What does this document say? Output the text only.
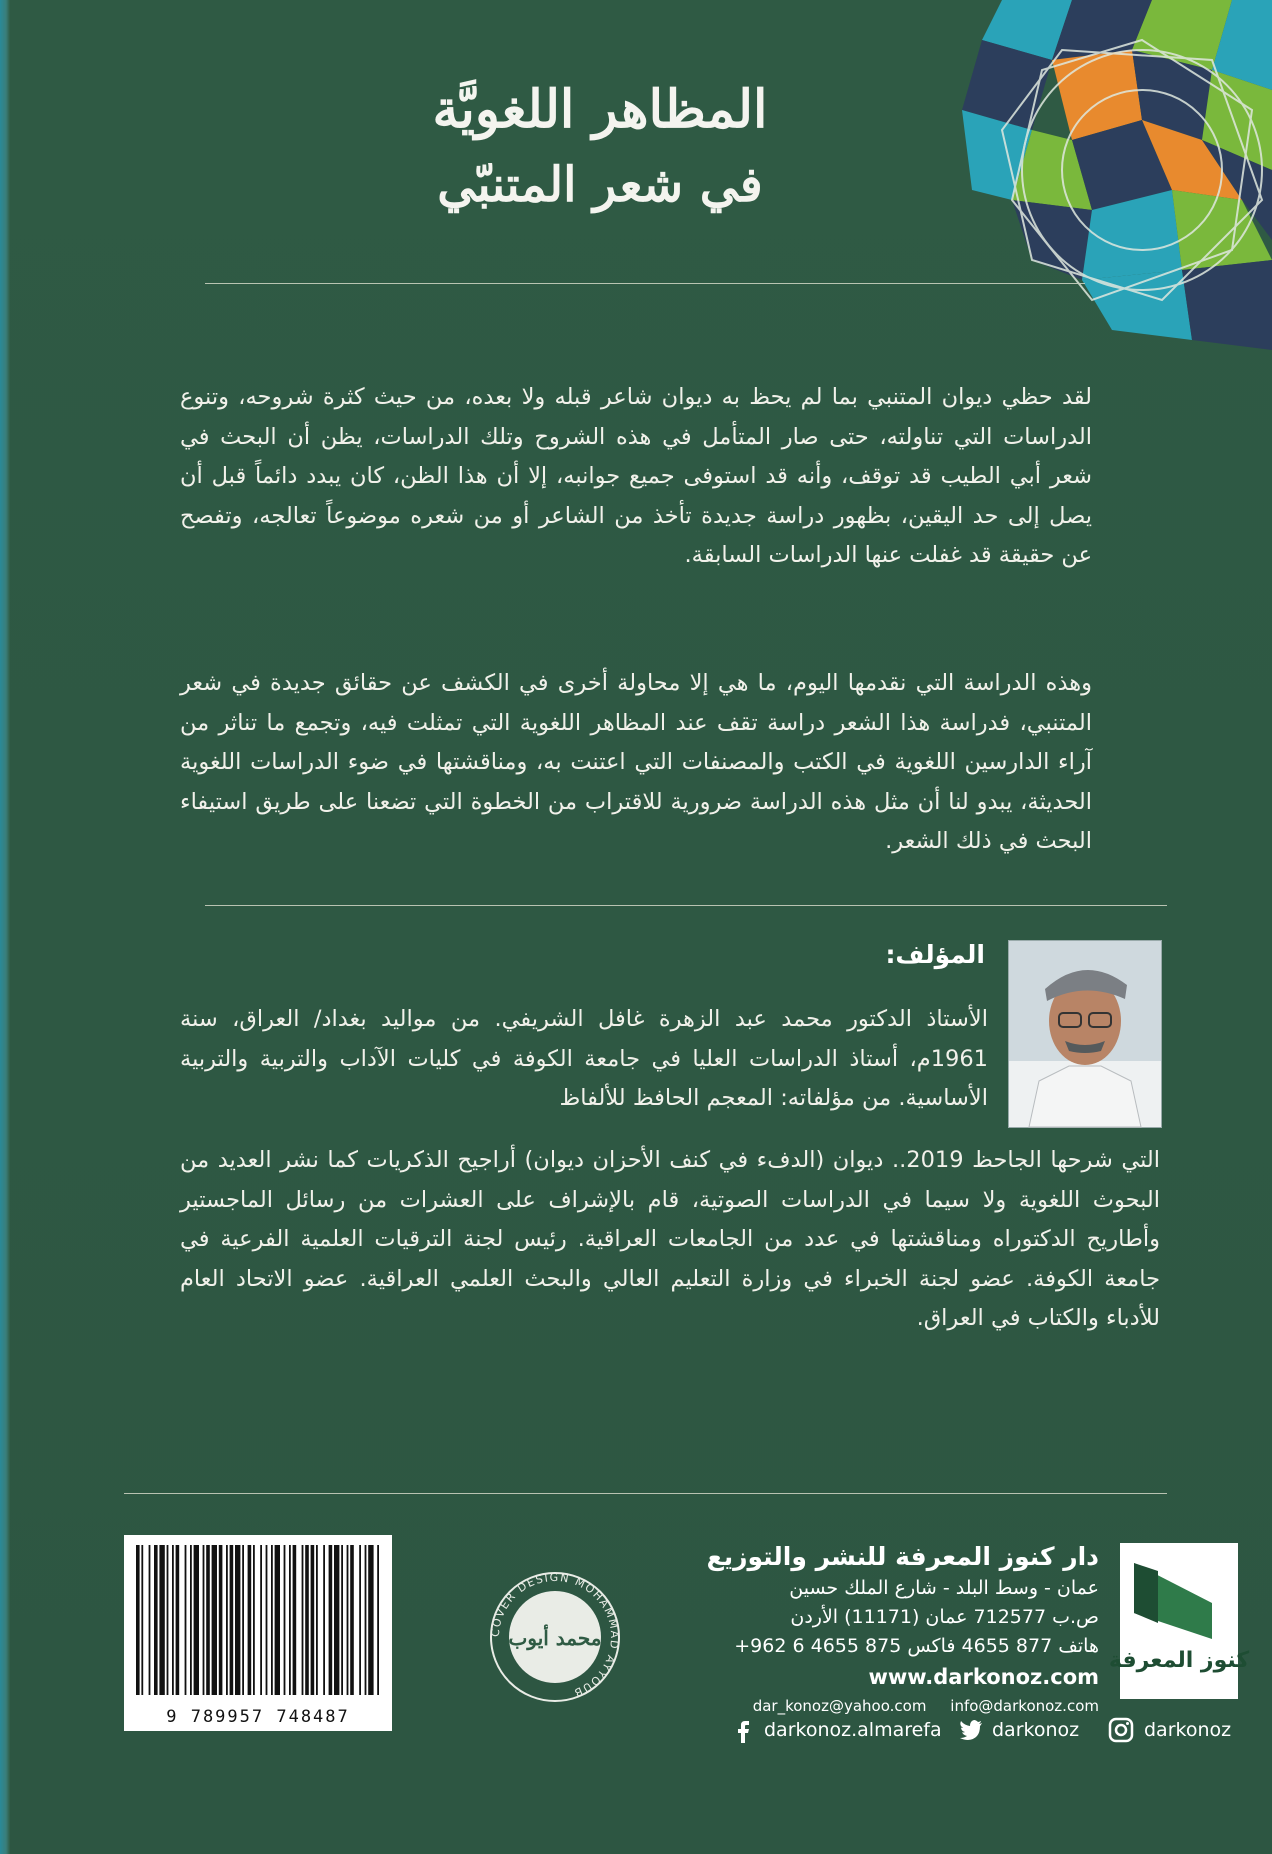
المظاهر اللغويَّة
في شعر المتنبّي
لقد حظي ديوان المتنبي بما لم يحظ به ديوان شاعر قبله ولا بعده، من حيث كثرة شروحه، وتنوع الدراسات التي تناولته، حتى صار المتأمل في هذه الشروح وتلك الدراسات، يظن أن البحث في شعر أبي الطيب قد توقف، وأنه قد استوفى جميع جوانبه، إلا أن هذا الظن، كان يبدد دائماً قبل أن يصل إلى حد اليقين، بظهور دراسة جديدة تأخذ من الشاعر أو من شعره موضوعاً تعالجه، وتفصح عن حقيقة قد غفلت عنها الدراسات السابقة.
وهذه الدراسة التي نقدمها اليوم، ما هي إلا محاولة أخرى في الكشف عن حقائق جديدة في شعر المتنبي، فدراسة هذا الشعر دراسة تقف عند المظاهر اللغوية التي تمثلت فيه، وتجمع ما تناثر من آراء الدارسين اللغوية في الكتب والمصنفات التي اعتنت به، ومناقشتها في ضوء الدراسات اللغوية الحديثة، يبدو لنا أن مثل هذه الدراسة ضرورية للاقتراب من الخطوة التي تضعنا على طريق استيفاء البحث في ذلك الشعر.
المؤلف:
الأستاذ الدكتور محمد عبد الزهرة غافل الشريفي. من مواليد بغداد/ العراق، سنة 1961م، أستاذ الدراسات العليا في جامعة الكوفة في كليات الآداب والتربية والتربية الأساسية. من مؤلفاته: المعجم الحافظ للألفاظ
التي شرحها الجاحظ 2019.. ديوان (الدفء في كنف الأحزان ديوان) أراجيح الذكريات كما نشر العديد من البحوث اللغوية ولا سيما في الدراسات الصوتية، قام بالإشراف على العشرات من رسائل الماجستير وأطاريح الدكتوراه ومناقشتها في عدد من الجامعات العراقية. رئيس لجنة الترقيات العلمية الفرعية في جامعة الكوفة. عضو لجنة الخبراء في وزارة التعليم العالي والبحث العلمي العراقية. عضو الاتحاد العام للأدباء والكتاب في العراق.
9 789957 748487
COVER DESIGN MOHAMMAD AYYOUB
محمد أيوب
دار كنوز المعرفة للنشر والتوزيع
عمان - وسط البلد - شارع الملك حسين
ص.ب 712577 عمان (11171) الأردن
هاتف 877 4655 فاكس 875 4655 6 962+
www.darkonoz.com
dar_konoz@yahoo.com info@darkonoz.com
كنوز المعرفة
darkonoz.almarefa	darkonoz	darkonoz
